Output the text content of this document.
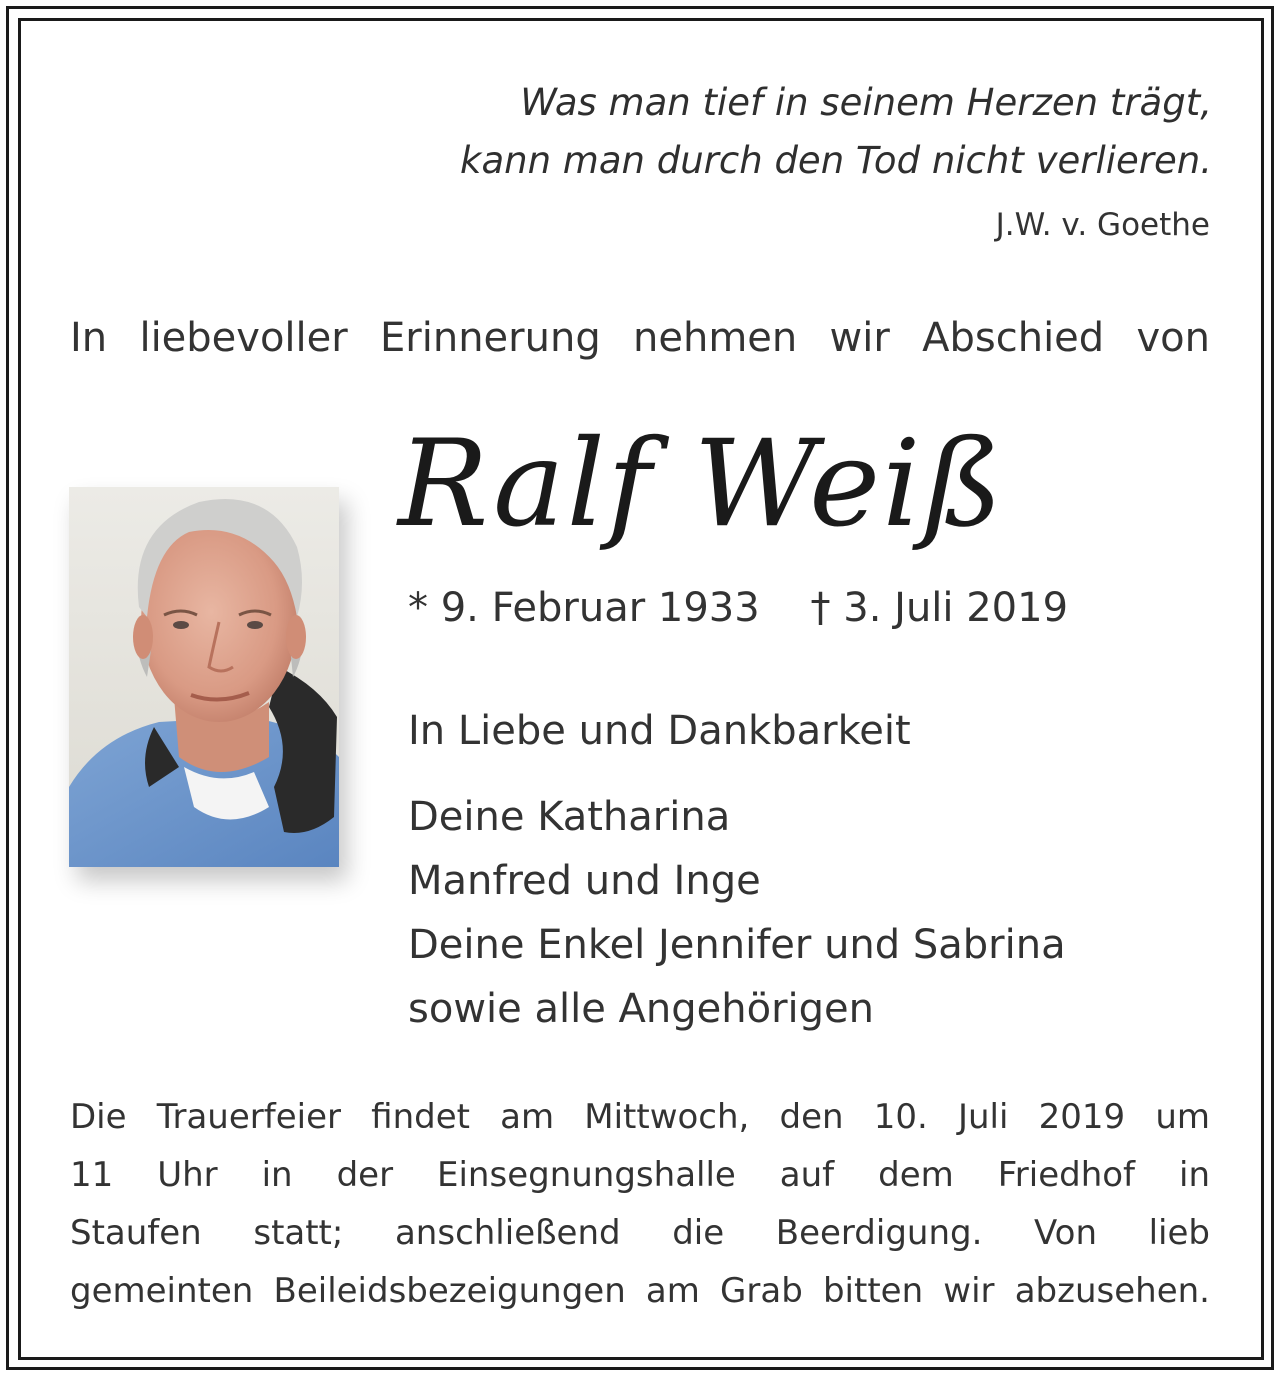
Was man tief in seinem Herzen trägt,
kann man durch den Tod nicht verlieren.
J.W. v. Goethe
In liebevoller Erinnerung nehmen wir Abschied von
Ralf Weiß
* 9. Februar 1933 † 3. Juli 2019
In Liebe und Dankbarkeit
Deine Katharina
Manfred und Inge
Deine Enkel Jennifer und Sabrina
sowie alle Angehörigen
Die Trauerfeier findet am Mittwoch, den 10. Juli 2019 um
11 Uhr in der Einsegnungshalle auf dem Friedhof in
Staufen statt; anschließend die Beerdigung. Von lieb
gemeinten Beileidsbezeigungen am Grab bitten wir abzusehen.
